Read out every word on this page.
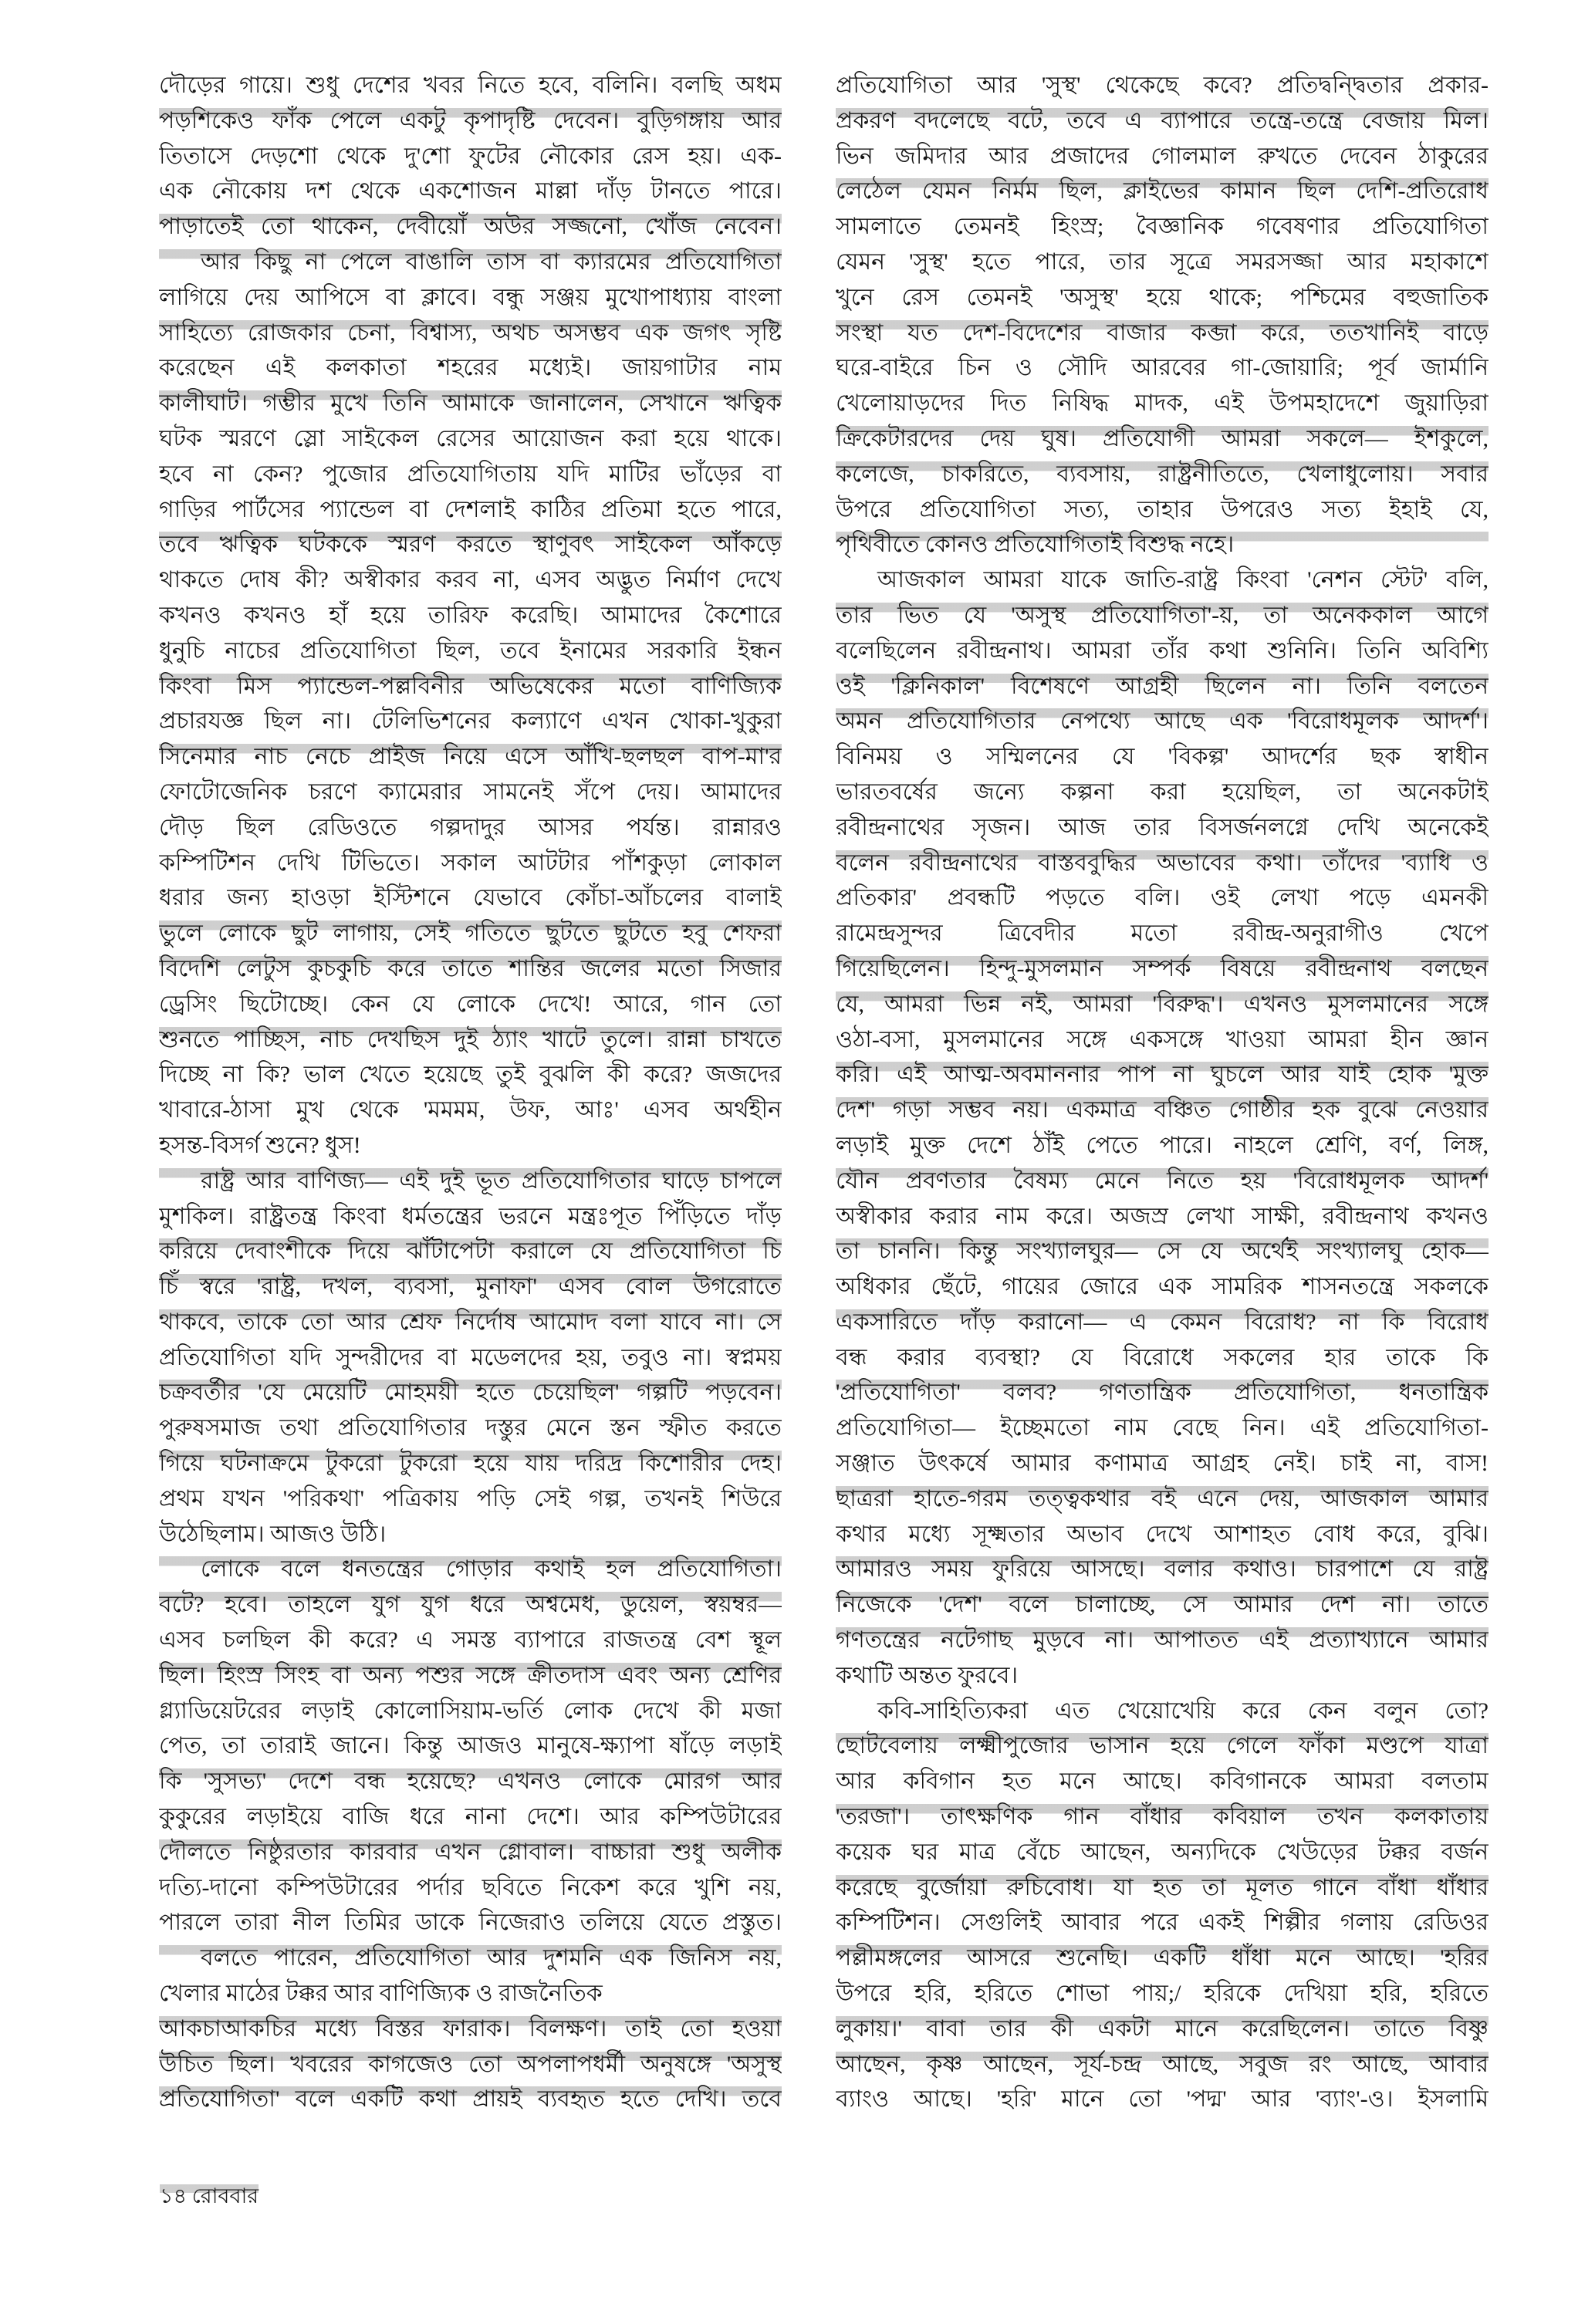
দৌড়ের গায়ে। শুধু দেশের খবর নিতে হবে, বলিনি। বলছি অধম
পড়শিকেও ফাঁক পেলে একটু কৃপাদৃষ্টি দেবেন। বুড়িগঙ্গায় আর
তিতাসে দেড়শো থেকে দু'শো ফুটের নৌকোর রেস হয়। এক-
এক নৌকোয় দশ থেকে একশোজন মাল্লা দাঁড় টানতে পারে।
পাড়াতেই তো থাকেন, দেবীয়োঁ অউর সজ্জনো, খোঁজ নেবেন।
আর কিছু না পেলে বাঙালি তাস বা ক্যারমের প্রতিযোগিতা
লাগিয়ে দেয় আপিসে বা ক্লাবে। বন্ধু সঞ্জয় মুখোপাধ্যায় বাংলা
সাহিত্যে রোজকার চেনা, বিশ্বাস্য, অথচ অসম্ভব এক জগৎ সৃষ্টি
করেছেন এই কলকাতা শহরের মধ্যেই। জায়গাটার নাম
কালীঘাট। গম্ভীর মুখে তিনি আমাকে জানালেন, সেখানে ঋত্বিক
ঘটক স্মরণে স্লো সাইকেল রেসের আয়োজন করা হয়ে থাকে।
হবে না কেন? পুজোর প্রতিযোগিতায় যদি মাটির ভাঁড়ের বা
গাড়ির পার্টসের প্যান্ডেল বা দেশলাই কাঠির প্রতিমা হতে পারে,
তবে ঋত্বিক ঘটককে স্মরণ করতে স্থাণুবৎ সাইকেল আঁকড়ে
থাকতে দোষ কী? অস্বীকার করব না, এসব অদ্ভুত নির্মাণ দেখে
কখনও কখনও হাঁ হয়ে তারিফ করেছি। আমাদের কৈশোরে
ধুনুচি নাচের প্রতিযোগিতা ছিল, তবে ইনামের সরকারি ইন্ধন
কিংবা মিস প্যান্ডেল-পল্লবিনীর অভিষেকের মতো বাণিজ্যিক
প্রচারযজ্ঞ ছিল না। টেলিভিশনের কল্যাণে এখন খোকা-খুকুরা
সিনেমার নাচ নেচে প্রাইজ নিয়ে এসে আঁখি-ছলছল বাপ-মা'র
ফোটোজেনিক চরণে ক্যামেরার সামনেই সঁপে দেয়। আমাদের
দৌড় ছিল রেডিওতে গল্পদাদুর আসর পর্যন্ত। রান্নারও
কম্পিটিশন দেখি টিভিতে। সকাল আটটার পাঁশকুড়া লোকাল
ধরার জন্য হাওড়া ইস্টিশনে যেভাবে কোঁচা-আঁচলের বালাই
ভুলে লোকে ছুট লাগায়, সেই গতিতে ছুটতে ছুটতে হবু শেফরা
বিদেশি লেটুস কুচকুচি করে তাতে শান্তির জলের মতো সিজার
ড্রেসিং ছিটোচ্ছে। কেন যে লোকে দেখে! আরে, গান তো
শুনতে পাচ্ছিস, নাচ দেখছিস দুই ঠ্যাং খাটে তুলে। রান্না চাখতে
দিচ্ছে না কি? ভাল খেতে হয়েছে তুই বুঝলি কী করে? জজদের
খাবারে-ঠাসা মুখ থেকে 'মমমম, উফ, আঃ' এসব অর্থহীন
হসন্ত-বিসর্গ শুনে? ধুস!
রাষ্ট্র আর বাণিজ্য— এই দুই ভূত প্রতিযোগিতার ঘাড়ে চাপলে
মুশকিল। রাষ্ট্রতন্ত্র কিংবা ধর্মতন্ত্রের ভরনে মন্ত্রঃপূত পিঁড়িতে দাঁড়
করিয়ে দেবাংশীকে দিয়ে ঝাঁটাপেটা করালে যে প্রতিযোগিতা চি
চিঁ স্বরে 'রাষ্ট্র, দখল, ব্যবসা, মুনাফা' এসব বোল উগরোতে
থাকবে, তাকে তো আর শ্রেফ নির্দোষ আমোদ বলা যাবে না। সে
প্রতিযোগিতা যদি সুন্দরীদের বা মডেলদের হয়, তবুও না। স্বপ্নময়
চক্রবর্তীর 'যে মেয়েটি মোহময়ী হতে চেয়েছিল' গল্পটি পড়বেন।
পুরুষসমাজ তথা প্রতিযোগিতার দস্তুর মেনে স্তন স্ফীত করতে
গিয়ে ঘটনাক্রমে টুকরো টুকরো হয়ে যায় দরিদ্র কিশোরীর দেহ।
প্রথম যখন 'পরিকথা' পত্রিকায় পড়ি সেই গল্প, তখনই শিউরে
উঠেছিলাম। আজও উঠি।
লোকে বলে ধনতন্ত্রের গোড়ার কথাই হল প্রতিযোগিতা।
বটে? হবে। তাহলে যুগ যুগ ধরে অশ্বমেধ, ডুয়েল, স্বয়ম্বর—
এসব চলছিল কী করে? এ সমস্ত ব্যাপারে রাজতন্ত্র বেশ স্থূল
ছিল। হিংস্র সিংহ বা অন্য পশুর সঙ্গে ক্রীতদাস এবং অন্য শ্রেণির
গ্ল্যাডিয়েটরের লড়াই কোলোসিয়াম-ভর্তি লোক দেখে কী মজা
পেত, তা তারাই জানে। কিন্তু আজও মানুষে-ক্ষ্যাপা ষাঁড়ে লড়াই
কি 'সুসভ্য' দেশে বন্ধ হয়েছে? এখনও লোকে মোরগ আর
কুকুরের লড়াইয়ে বাজি ধরে নানা দেশে। আর কম্পিউটারের
দৌলতে নিষ্ঠুরতার কারবার এখন গ্লোবাল। বাচ্চারা শুধু অলীক
দত্যি-দানো কম্পিউটারের পর্দার ছবিতে নিকেশ করে খুশি নয়,
পারলে তারা নীল তিমির ডাকে নিজেরাও তলিয়ে যেতে প্রস্তুত।
বলতে পারেন, প্রতিযোগিতা আর দুশমনি এক জিনিস নয়,
খেলার মাঠের টক্কর আর বাণিজ্যিক ও রাজনৈতিক
আকচাআকচির মধ্যে বিস্তর ফারাক। বিলক্ষণ। তাই তো হওয়া
উচিত ছিল। খবরের কাগজেও তো অপলাপধর্মী অনুষঙ্গে 'অসুস্থ
প্রতিযোগিতা' বলে একটি কথা প্রায়ই ব্যবহৃত হতে দেখি। তবে
প্রতিযোগিতা আর 'সুস্থ' থেকেছে কবে? প্রতিদ্বন্দ্বিতার প্রকার-
প্রকরণ বদলেছে বটে, তবে এ ব্যাপারে তন্ত্রে-তন্ত্রে বেজায় মিল।
ভিন জমিদার আর প্রজাদের গোলমাল রুখতে দেবেন ঠাকুরের
লেঠেল যেমন নির্মম ছিল, ক্লাইভের কামান ছিল দেশি-প্রতিরোধ
সামলাতে তেমনই হিংস্র; বৈজ্ঞানিক গবেষণার প্রতিযোগিতা
যেমন 'সুস্থ' হতে পারে, তার সূত্রে সমরসজ্জা আর মহাকাশে
খুনে রেস তেমনই 'অসুস্থ' হয়ে থাকে; পশ্চিমের বহুজাতিক
সংস্থা যত দেশ-বিদেশের বাজার কব্জা করে, ততখানিই বাড়ে
ঘরে-বাইরে চিন ও সৌদি আরবের গা-জোয়ারি; পূর্ব জার্মানি
খেলোয়াড়দের দিত নিষিদ্ধ মাদক, এই উপমহাদেশে জুয়াড়িরা
ক্রিকেটারদের দেয় ঘুষ। প্রতিযোগী আমরা সকলে— ইশকুলে,
কলেজে, চাকরিতে, ব্যবসায়, রাষ্ট্রনীতিতে, খেলাধুলোয়। সবার
উপরে প্রতিযোগিতা সত্য, তাহার উপরেও সত্য ইহাই যে,
পৃথিবীতে কোনও প্রতিযোগিতাই বিশুদ্ধ নহে।
আজকাল আমরা যাকে জাতি-রাষ্ট্র কিংবা 'নেশন স্টেট' বলি,
তার ভিত যে 'অসুস্থ প্রতিযোগিতা'-য়, তা অনেককাল আগে
বলেছিলেন রবীন্দ্রনাথ। আমরা তাঁর কথা শুনিনি। তিনি অবিশ্যি
ওই 'ক্লিনিকাল' বিশেষণে আগ্রহী ছিলেন না। তিনি বলতেন
অমন প্রতিযোগিতার নেপথ্যে আছে এক 'বিরোধমূলক আদর্শ'।
বিনিময় ও সম্মিলনের যে 'বিকল্প' আদর্শের ছক স্বাধীন
ভারতবর্ষের জন্যে কল্পনা করা হয়েছিল, তা অনেকটাই
রবীন্দ্রনাথের সৃজন। আজ তার বিসর্জনলগ্নে দেখি অনেকেই
বলেন রবীন্দ্রনাথের বাস্তববুদ্ধির অভাবের কথা। তাঁদের 'ব্যাধি ও
প্রতিকার' প্রবন্ধটি পড়তে বলি। ওই লেখা পড়ে এমনকী
রামেন্দ্রসুন্দর ত্রিবেদীর মতো রবীন্দ্র-অনুরাগীও খেপে
গিয়েছিলেন। হিন্দু-মুসলমান সম্পর্ক বিষয়ে রবীন্দ্রনাথ বলছেন
যে, আমরা ভিন্ন নই, আমরা 'বিরুদ্ধ'। এখনও মুসলমানের সঙ্গে
ওঠা-বসা, মুসলমানের সঙ্গে একসঙ্গে খাওয়া আমরা হীন জ্ঞান
করি। এই আত্ম-অবমাননার পাপ না ঘুচলে আর যাই হোক 'মুক্ত
দেশ' গড়া সম্ভব নয়। একমাত্র বঞ্চিত গোষ্ঠীর হক বুঝে নেওয়ার
লড়াই মুক্ত দেশে ঠাঁই পেতে পারে। নাহলে শ্রেণি, বর্ণ, লিঙ্গ,
যৌন প্রবণতার বৈষম্য মেনে নিতে হয় 'বিরোধমূলক আদর্শ'
অস্বীকার করার নাম করে। অজস্র লেখা সাক্ষী, রবীন্দ্রনাথ কখনও
তা চাননি। কিন্তু সংখ্যালঘুর— সে যে অর্থেই সংখ্যালঘু হোক—
অধিকার ছেঁটে, গায়ের জোরে এক সামরিক শাসনতন্ত্রে সকলকে
একসারিতে দাঁড় করানো— এ কেমন বিরোধ? না কি বিরোধ
বন্ধ করার ব্যবস্থা? যে বিরোধে সকলের হার তাকে কি
'প্রতিযোগিতা' বলব? গণতান্ত্রিক প্রতিযোগিতা, ধনতান্ত্রিক
প্রতিযোগিতা— ইচ্ছেমতো নাম বেছে নিন। এই প্রতিযোগিতা-
সঞ্জাত উৎকর্ষে আমার কণামাত্র আগ্রহ নেই। চাই না, বাস!
ছাত্ররা হাতে-গরম তত্ত্বকথার বই এনে দেয়, আজকাল আমার
কথার মধ্যে সূক্ষ্মতার অভাব দেখে আশাহত বোধ করে, বুঝি।
আমারও সময় ফুরিয়ে আসছে। বলার কথাও। চারপাশে যে রাষ্ট্র
নিজেকে 'দেশ' বলে চালাচ্ছে, সে আমার দেশ না। তাতে
গণতন্ত্রের নটেগাছ মুড়বে না। আপাতত এই প্রত্যাখ্যানে আমার
কথাটি অন্তত ফুরবে।
কবি-সাহিত্যিকরা এত খেয়োখেয়ি করে কেন বলুন তো?
ছোটবেলায় লক্ষ্মীপুজোর ভাসান হয়ে গেলে ফাঁকা মণ্ডপে যাত্রা
আর কবিগান হত মনে আছে। কবিগানকে আমরা বলতাম
'তরজা'। তাৎক্ষণিক গান বাঁধার কবিয়াল তখন কলকাতায়
কয়েক ঘর মাত্র বেঁচে আছেন, অন্যদিকে খেউড়ের টক্কর বর্জন
করেছে বুর্জোয়া রুচিবোধ। যা হত তা মূলত গানে বাঁধা ধাঁধার
কম্পিটিশন। সেগুলিই আবার পরে একই শিল্পীর গলায় রেডিওর
পল্লীমঙ্গলের আসরে শুনেছি। একটি ধাঁধা মনে আছে। 'হরির
উপরে হরি, হরিতে শোভা পায়;/ হরিকে দেখিয়া হরি, হরিতে
লুকায়।' বাবা তার কী একটা মানে করেছিলেন। তাতে বিষ্ণু
আছেন, কৃষ্ণ আছেন, সূর্য-চন্দ্র আছে, সবুজ রং আছে, আবার
ব্যাংও আছে। 'হরি' মানে তো 'পদ্ম' আর 'ব্যাং'-ও। ইসলামি
১৪ রোববার
